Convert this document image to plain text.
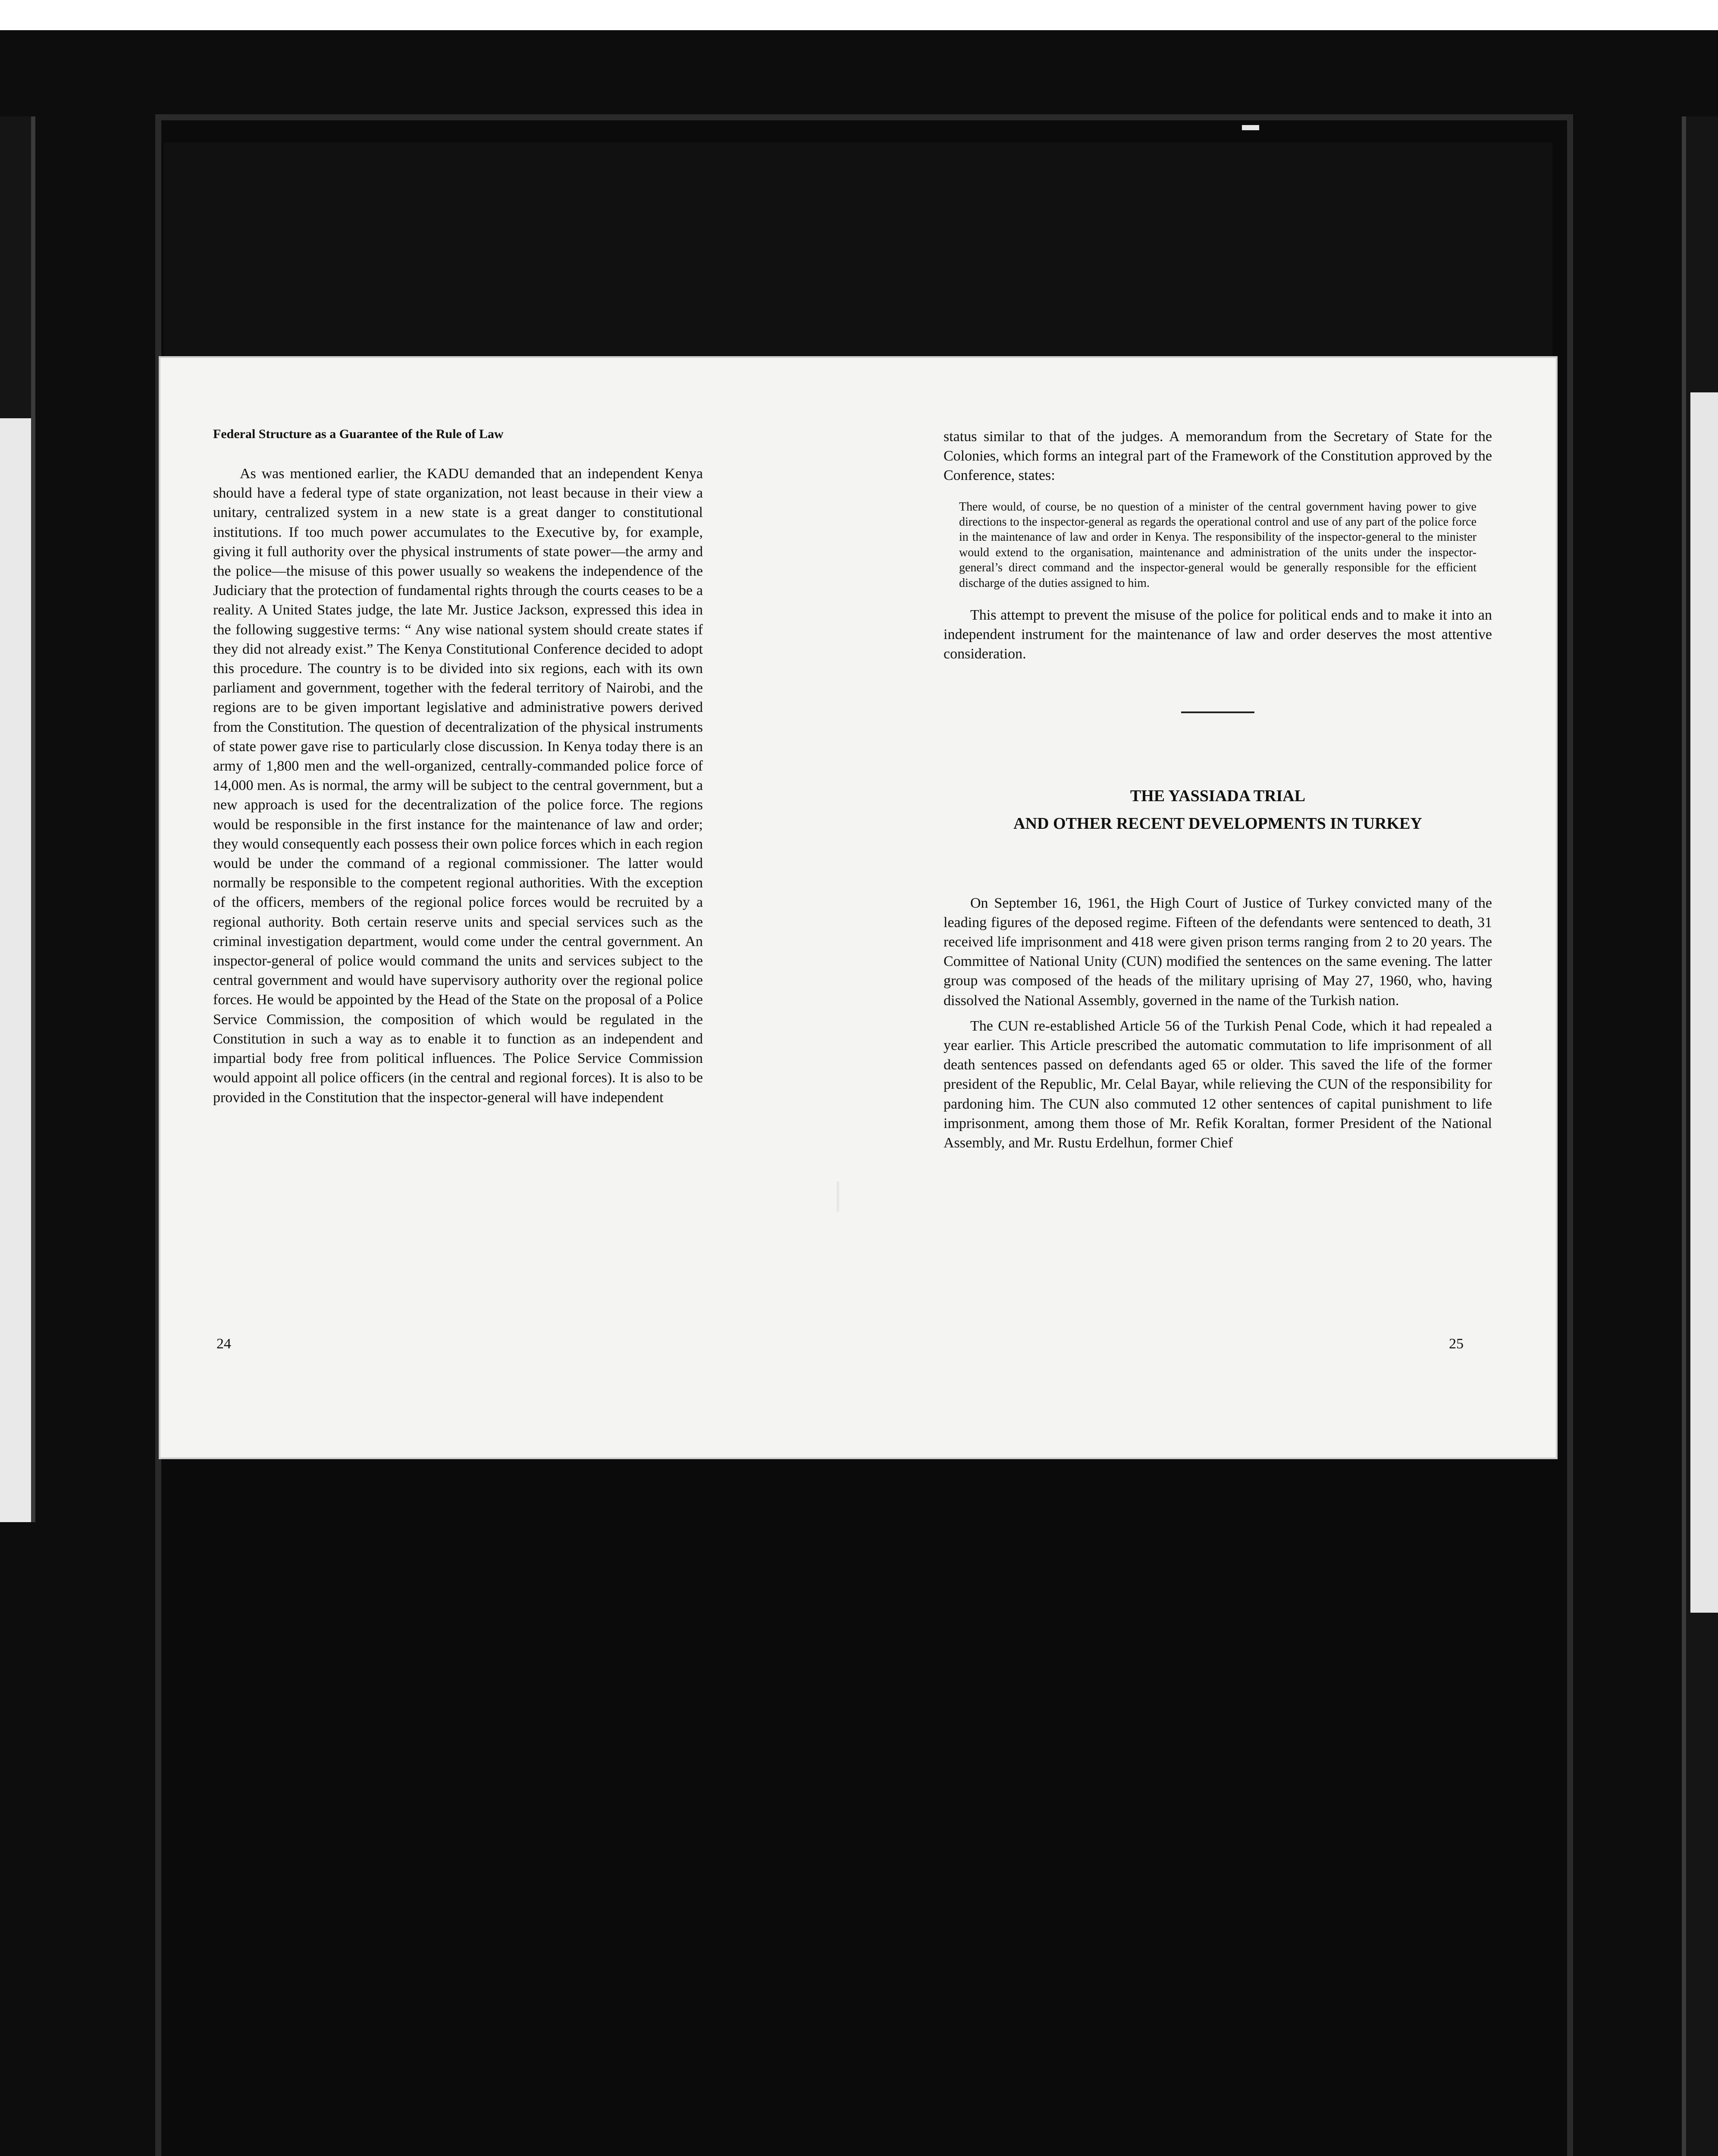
Federal Structure as a Guarantee of the Rule of Law

As was mentioned earlier, the KADU demanded that an independent Kenya should have a federal type of state organization, not least because in their view a unitary, centralized system in a new state is a great danger to constitutional institutions. If too much power accumulates to the Executive by, for example, giving it full authority over the physical instruments of state power—the army and the police—the misuse of this power usually so weakens the independence of the Judiciary that the protection of fundamental rights through the courts ceases to be a reality. A United States judge, the late Mr. Justice Jackson, expressed this idea in the following suggestive terms: “ Any wise national system should create states if they did not already exist.” The Kenya Constitutional Conference decided to adopt this procedure. The country is to be divided into six regions, each with its own parliament and government, together with the federal territory of Nairobi, and the regions are to be given important legislative and administrative powers derived from the Constitution. The question of decentralization of the physical instruments of state power gave rise to particularly close discussion. In Kenya today there is an army of 1,800 men and the well-organized, centrally-commanded police force of 14,000 men. As is normal, the army will be subject to the central government, but a new approach is used for the decentralization of the police force. The regions would be responsible in the first instance for the maintenance of law and order; they would consequently each possess their own police forces which in each region would be under the command of a regional commissioner. The latter would normally be responsible to the competent regional authorities. With the exception of the officers, members of the regional police forces would be recruited by a regional authority. Both certain reserve units and special services such as the criminal investigation department, would come under the central government. An inspector-general of police would command the units and services subject to the central government and would have supervisory authority over the regional police forces. He would be appointed by the Head of the State on the proposal of a Police Service Commission, the composition of which would be regulated in the Constitution in such a way as to enable it to function as an independent and impartial body free from political influences. The Police Service Commission would appoint all police officers (in the central and regional forces). It is also to be provided in the Constitution that the inspector-general will have independent

24

status similar to that of the judges. A memorandum from the Secretary of State for the Colonies, which forms an integral part of the Framework of the Constitution approved by the Conference, states:

There would, of course, be no question of a minister of the central government having power to give directions to the inspector-general as regards the operational control and use of any part of the police force in the maintenance of law and order in Kenya. The responsibility of the inspector-general to the minister would extend to the organisation, maintenance and administration of the units under the inspector-general’s direct command and the inspector-general would be generally responsible for the efficient discharge of the duties assigned to him.

This attempt to prevent the misuse of the police for political ends and to make it into an independent instrument for the maintenance of law and order deserves the most attentive consideration.

THE YASSIADA TRIAL
AND OTHER RECENT DEVELOPMENTS IN TURKEY

On September 16, 1961, the High Court of Justice of Turkey convicted many of the leading figures of the deposed regime. Fifteen of the defendants were sentenced to death, 31 received life imprisonment and 418 were given prison terms ranging from 2 to 20 years. The Committee of National Unity (CUN) modified the sentences on the same evening. The latter group was composed of the heads of the military uprising of May 27, 1960, who, having dissolved the National Assembly, governed in the name of the Turkish nation.

The CUN re-established Article 56 of the Turkish Penal Code, which it had repealed a year earlier. This Article prescribed the automatic commutation to life imprisonment of all death sentences passed on defendants aged 65 or older. This saved the life of the former president of the Republic, Mr. Celal Bayar, while relieving the CUN of the responsibility for pardoning him. The CUN also commuted 12 other sentences of capital punishment to life imprisonment, among them those of Mr. Refik Koraltan, former President of the National Assembly, and Mr. Rustu Erdelhun, former Chief

25
